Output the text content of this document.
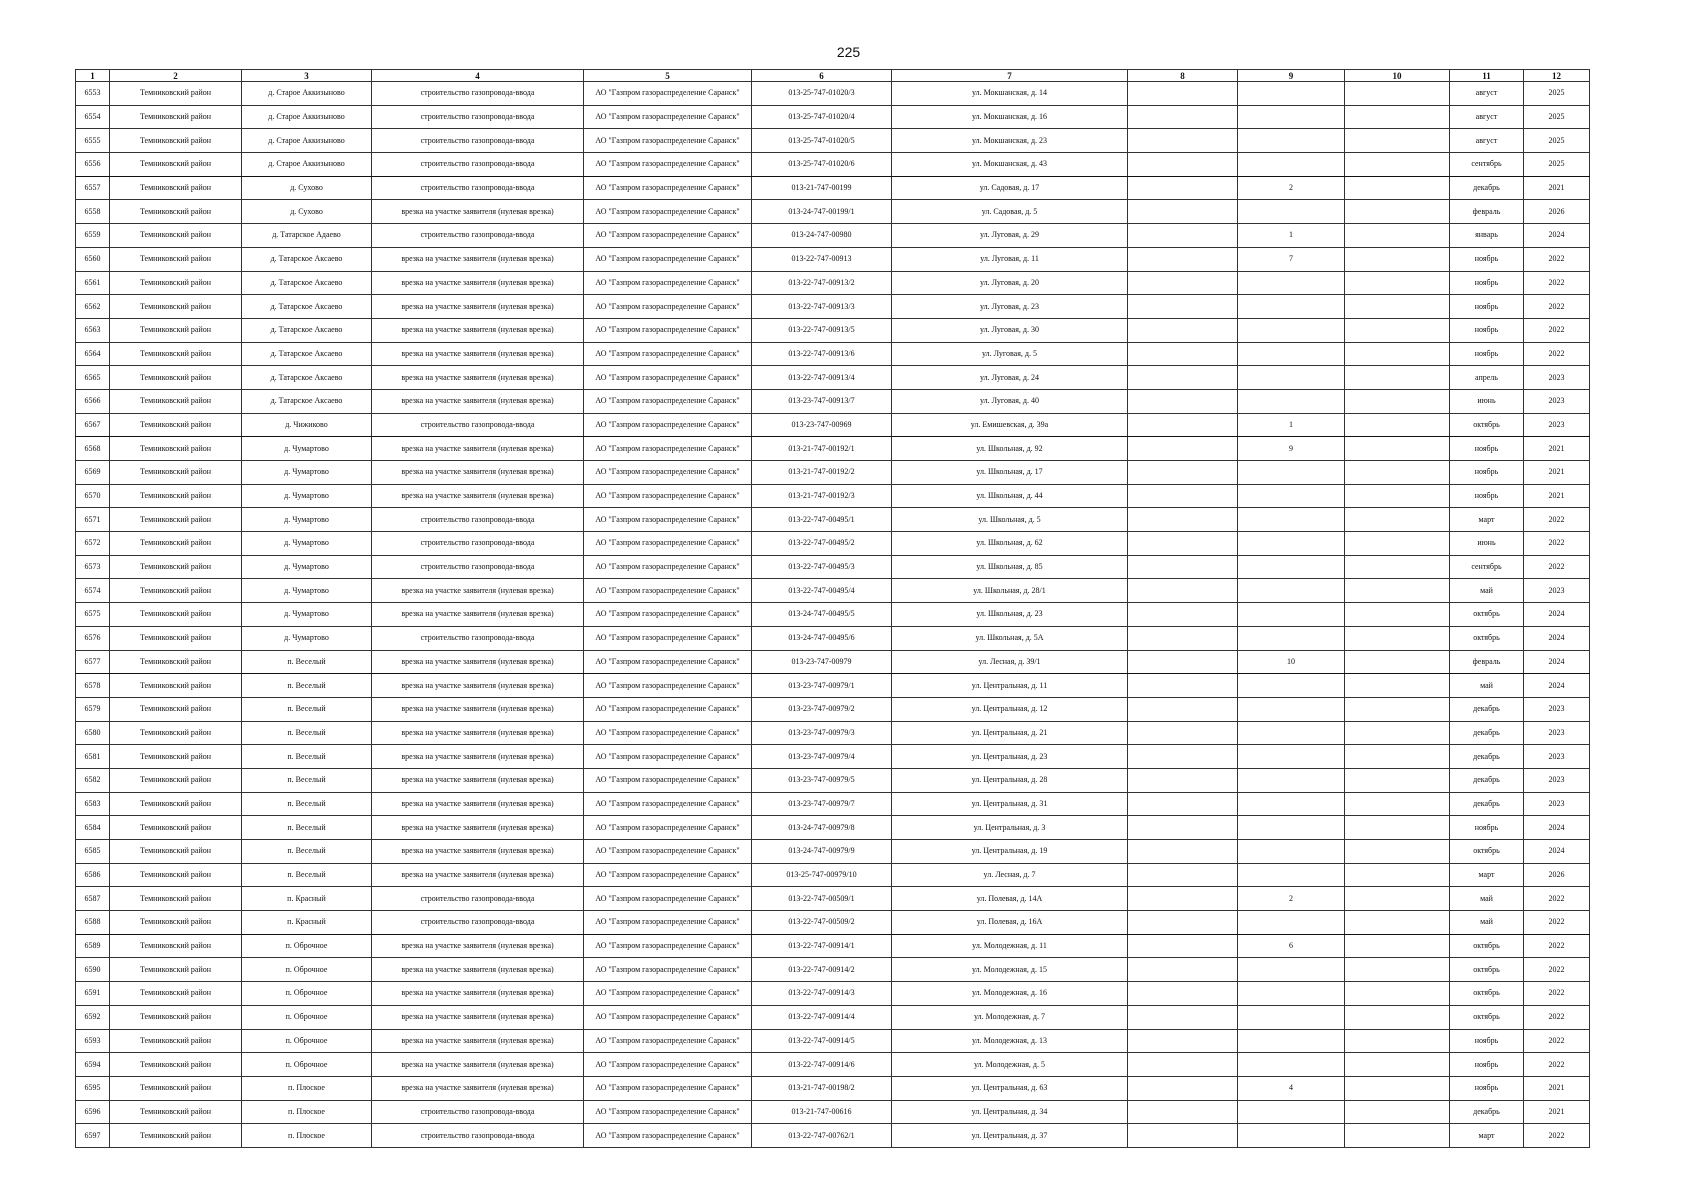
225
1	2	3	4	5	6	7	8	9	10	11	12
6553	Темниковский район	д. Старое Аккизыново	строительство газопровода-ввода	АО "Газпром газораспределение Саранск"	013-25-747-01020/3	ул. Мокшанская, д. 14				август	2025
6554	Темниковский район	д. Старое Аккизыново	строительство газопровода-ввода	АО "Газпром газораспределение Саранск"	013-25-747-01020/4	ул. Мокшанская, д. 16				август	2025
6555	Темниковский район	д. Старое Аккизыново	строительство газопровода-ввода	АО "Газпром газораспределение Саранск"	013-25-747-01020/5	ул. Мокшанская, д. 23				август	2025
6556	Темниковский район	д. Старое Аккизыново	строительство газопровода-ввода	АО "Газпром газораспределение Саранск"	013-25-747-01020/6	ул. Мокшанская, д. 43				сентябрь	2025
6557	Темниковский район	д. Сухово	строительство газопровода-ввода	АО "Газпром газораспределение Саранск"	013-21-747-00199	ул. Садовая, д. 17		2		декабрь	2021
6558	Темниковский район	д. Сухово	врезка на участке заявителя (нулевая врезка)	АО "Газпром газораспределение Саранск"	013-24-747-00199/1	ул. Садовая, д. 5				февраль	2026
6559	Темниковский район	д. Татарское Адаево	строительство газопровода-ввода	АО "Газпром газораспределение Саранск"	013-24-747-00980	ул. Луговая, д. 29		1		январь	2024
6560	Темниковский район	д. Татарское Аксаево	врезка на участке заявителя (нулевая врезка)	АО "Газпром газораспределение Саранск"	013-22-747-00913	ул. Луговая, д. 11		7		ноябрь	2022
6561	Темниковский район	д. Татарское Аксаево	врезка на участке заявителя (нулевая врезка)	АО "Газпром газораспределение Саранск"	013-22-747-00913/2	ул. Луговая, д. 20				ноябрь	2022
6562	Темниковский район	д. Татарское Аксаево	врезка на участке заявителя (нулевая врезка)	АО "Газпром газораспределение Саранск"	013-22-747-00913/3	ул. Луговая, д. 23				ноябрь	2022
6563	Темниковский район	д. Татарское Аксаево	врезка на участке заявителя (нулевая врезка)	АО "Газпром газораспределение Саранск"	013-22-747-00913/5	ул. Луговая, д. 30				ноябрь	2022
6564	Темниковский район	д. Татарское Аксаево	врезка на участке заявителя (нулевая врезка)	АО "Газпром газораспределение Саранск"	013-22-747-00913/6	ул. Луговая, д. 5				ноябрь	2022
6565	Темниковский район	д. Татарское Аксаево	врезка на участке заявителя (нулевая врезка)	АО "Газпром газораспределение Саранск"	013-22-747-00913/4	ул. Луговая, д. 24				апрель	2023
6566	Темниковский район	д. Татарское Аксаево	врезка на участке заявителя (нулевая врезка)	АО "Газпром газораспределение Саранск"	013-23-747-00913/7	ул. Луговая, д. 40				июнь	2023
6567	Темниковский район	д. Чижиково	строительство газопровода-ввода	АО "Газпром газораспределение Саранск"	013-23-747-00969	ул. Емишевская, д. 39а		1		октябрь	2023
6568	Темниковский район	д. Чумартово	врезка на участке заявителя (нулевая врезка)	АО "Газпром газораспределение Саранск"	013-21-747-00192/1	ул. Школьная, д. 92		9		ноябрь	2021
6569	Темниковский район	д. Чумартово	врезка на участке заявителя (нулевая врезка)	АО "Газпром газораспределение Саранск"	013-21-747-00192/2	ул. Школьная, д. 17				ноябрь	2021
6570	Темниковский район	д. Чумартово	врезка на участке заявителя (нулевая врезка)	АО "Газпром газораспределение Саранск"	013-21-747-00192/3	ул. Школьная, д. 44				ноябрь	2021
6571	Темниковский район	д. Чумартово	строительство газопровода-ввода	АО "Газпром газораспределение Саранск"	013-22-747-00495/1	ул. Школьная, д. 5				март	2022
6572	Темниковский район	д. Чумартово	строительство газопровода-ввода	АО "Газпром газораспределение Саранск"	013-22-747-00495/2	ул. Школьная, д. 62				июнь	2022
6573	Темниковский район	д. Чумартово	строительство газопровода-ввода	АО "Газпром газораспределение Саранск"	013-22-747-00495/3	ул. Школьная, д. 85				сентябрь	2022
6574	Темниковский район	д. Чумартово	врезка на участке заявителя (нулевая врезка)	АО "Газпром газораспределение Саранск"	013-22-747-00495/4	ул. Школьная, д. 28/1				май	2023
6575	Темниковский район	д. Чумартово	врезка на участке заявителя (нулевая врезка)	АО "Газпром газораспределение Саранск"	013-24-747-00495/5	ул. Школьная, д. 23				октябрь	2024
6576	Темниковский район	д. Чумартово	строительство газопровода-ввода	АО "Газпром газораспределение Саранск"	013-24-747-00495/6	ул. Школьная, д. 5А				октябрь	2024
6577	Темниковский район	п. Веселый	врезка на участке заявителя (нулевая врезка)	АО "Газпром газораспределение Саранск"	013-23-747-00979	ул. Лесная, д. 39/1		10		февраль	2024
6578	Темниковский район	п. Веселый	врезка на участке заявителя (нулевая врезка)	АО "Газпром газораспределение Саранск"	013-23-747-00979/1	ул. Центральная, д. 11				май	2024
6579	Темниковский район	п. Веселый	врезка на участке заявителя (нулевая врезка)	АО "Газпром газораспределение Саранск"	013-23-747-00979/2	ул. Центральная, д. 12				декабрь	2023
6580	Темниковский район	п. Веселый	врезка на участке заявителя (нулевая врезка)	АО "Газпром газораспределение Саранск"	013-23-747-00979/3	ул. Центральная, д. 21				декабрь	2023
6581	Темниковский район	п. Веселый	врезка на участке заявителя (нулевая врезка)	АО "Газпром газораспределение Саранск"	013-23-747-00979/4	ул. Центральная, д. 23				декабрь	2023
6582	Темниковский район	п. Веселый	врезка на участке заявителя (нулевая врезка)	АО "Газпром газораспределение Саранск"	013-23-747-00979/5	ул. Центральная, д. 28				декабрь	2023
6583	Темниковский район	п. Веселый	врезка на участке заявителя (нулевая врезка)	АО "Газпром газораспределение Саранск"	013-23-747-00979/7	ул. Центральная, д. 31				декабрь	2023
6584	Темниковский район	п. Веселый	врезка на участке заявителя (нулевая врезка)	АО "Газпром газораспределение Саранск"	013-24-747-00979/8	ул. Центральная, д. 3				ноябрь	2024
6585	Темниковский район	п. Веселый	врезка на участке заявителя (нулевая врезка)	АО "Газпром газораспределение Саранск"	013-24-747-00979/9	ул. Центральная, д. 19				октябрь	2024
6586	Темниковский район	п. Веселый	врезка на участке заявителя (нулевая врезка)	АО "Газпром газораспределение Саранск"	013-25-747-00979/10	ул. Лесная, д. 7				март	2026
6587	Темниковский район	п. Красный	строительство газопровода-ввода	АО "Газпром газораспределение Саранск"	013-22-747-00509/1	ул. Полевая, д. 14А		2		май	2022
6588	Темниковский район	п. Красный	строительство газопровода-ввода	АО "Газпром газораспределение Саранск"	013-22-747-00509/2	ул. Полевая, д. 16А				май	2022
6589	Темниковский район	п. Оброчное	врезка на участке заявителя (нулевая врезка)	АО "Газпром газораспределение Саранск"	013-22-747-00914/1	ул. Молодежная, д. 11		6		октябрь	2022
6590	Темниковский район	п. Оброчное	врезка на участке заявителя (нулевая врезка)	АО "Газпром газораспределение Саранск"	013-22-747-00914/2	ул. Молодежная, д. 15				октябрь	2022
6591	Темниковский район	п. Оброчное	врезка на участке заявителя (нулевая врезка)	АО "Газпром газораспределение Саранск"	013-22-747-00914/3	ул. Молодежная, д. 16				октябрь	2022
6592	Темниковский район	п. Оброчное	врезка на участке заявителя (нулевая врезка)	АО "Газпром газораспределение Саранск"	013-22-747-00914/4	ул. Молодежная, д. 7				октябрь	2022
6593	Темниковский район	п. Оброчное	врезка на участке заявителя (нулевая врезка)	АО "Газпром газораспределение Саранск"	013-22-747-00914/5	ул. Молодежная, д. 13				ноябрь	2022
6594	Темниковский район	п. Оброчное	врезка на участке заявителя (нулевая врезка)	АО "Газпром газораспределение Саранск"	013-22-747-00914/6	ул. Молодежная, д. 5				ноябрь	2022
6595	Темниковский район	п. Плоское	врезка на участке заявителя (нулевая врезка)	АО "Газпром газораспределение Саранск"	013-21-747-00198/2	ул. Центральная, д. 63		4		ноябрь	2021
6596	Темниковский район	п. Плоское	строительство газопровода-ввода	АО "Газпром газораспределение Саранск"	013-21-747-00616	ул. Центральная, д. 34				декабрь	2021
6597	Темниковский район	п. Плоское	строительство газопровода-ввода	АО "Газпром газораспределение Саранск"	013-22-747-00762/1	ул. Центральная, д. 37				март	2022
